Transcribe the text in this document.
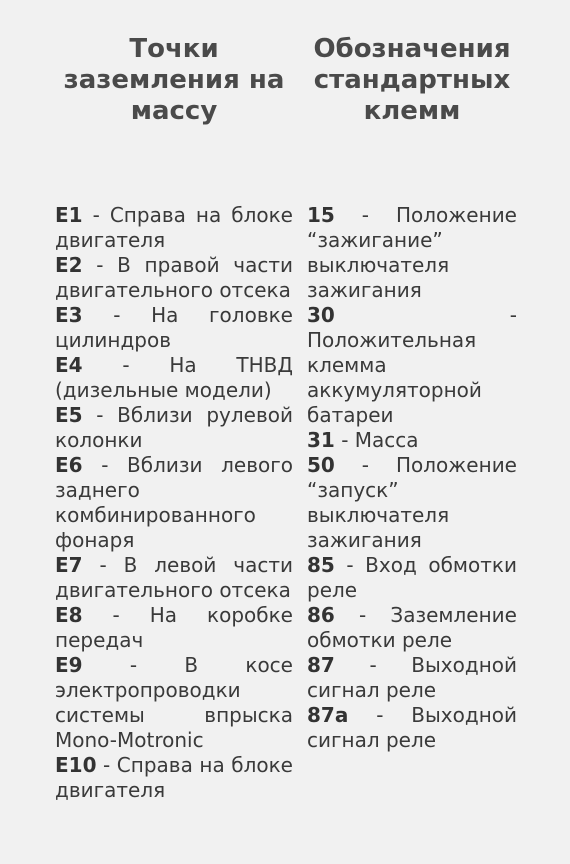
Точки
заземления на
массу

E1 - Справа на блоке двигателя

E2 - В правой части двигательного отсека

E3 - На головке цилиндров

E4 - На ТНВД (дизельные модели)

E5 - Вблизи рулевой колонки

E6 - Вблизи левого заднего комбинированного фонаря

E7 - В левой части двигательного отсека

E8 - На коробке передач

E9 - В косе электропроводки системы впрыска Mono-Motronic

E10 - Справа на блоке двигателя

Обозначения
стандартных
клемм

15 - Положение “зажигание” выключателя зажигания

30 - Положительная клемма аккумуляторной батареи

31 - Масса

50 - Положение “запуск” выключателя зажигания

85 - Вход обмотки реле

86 - Заземление обмотки реле

87 - Выходной сигнал реле

87a - Выходной сигнал реле
